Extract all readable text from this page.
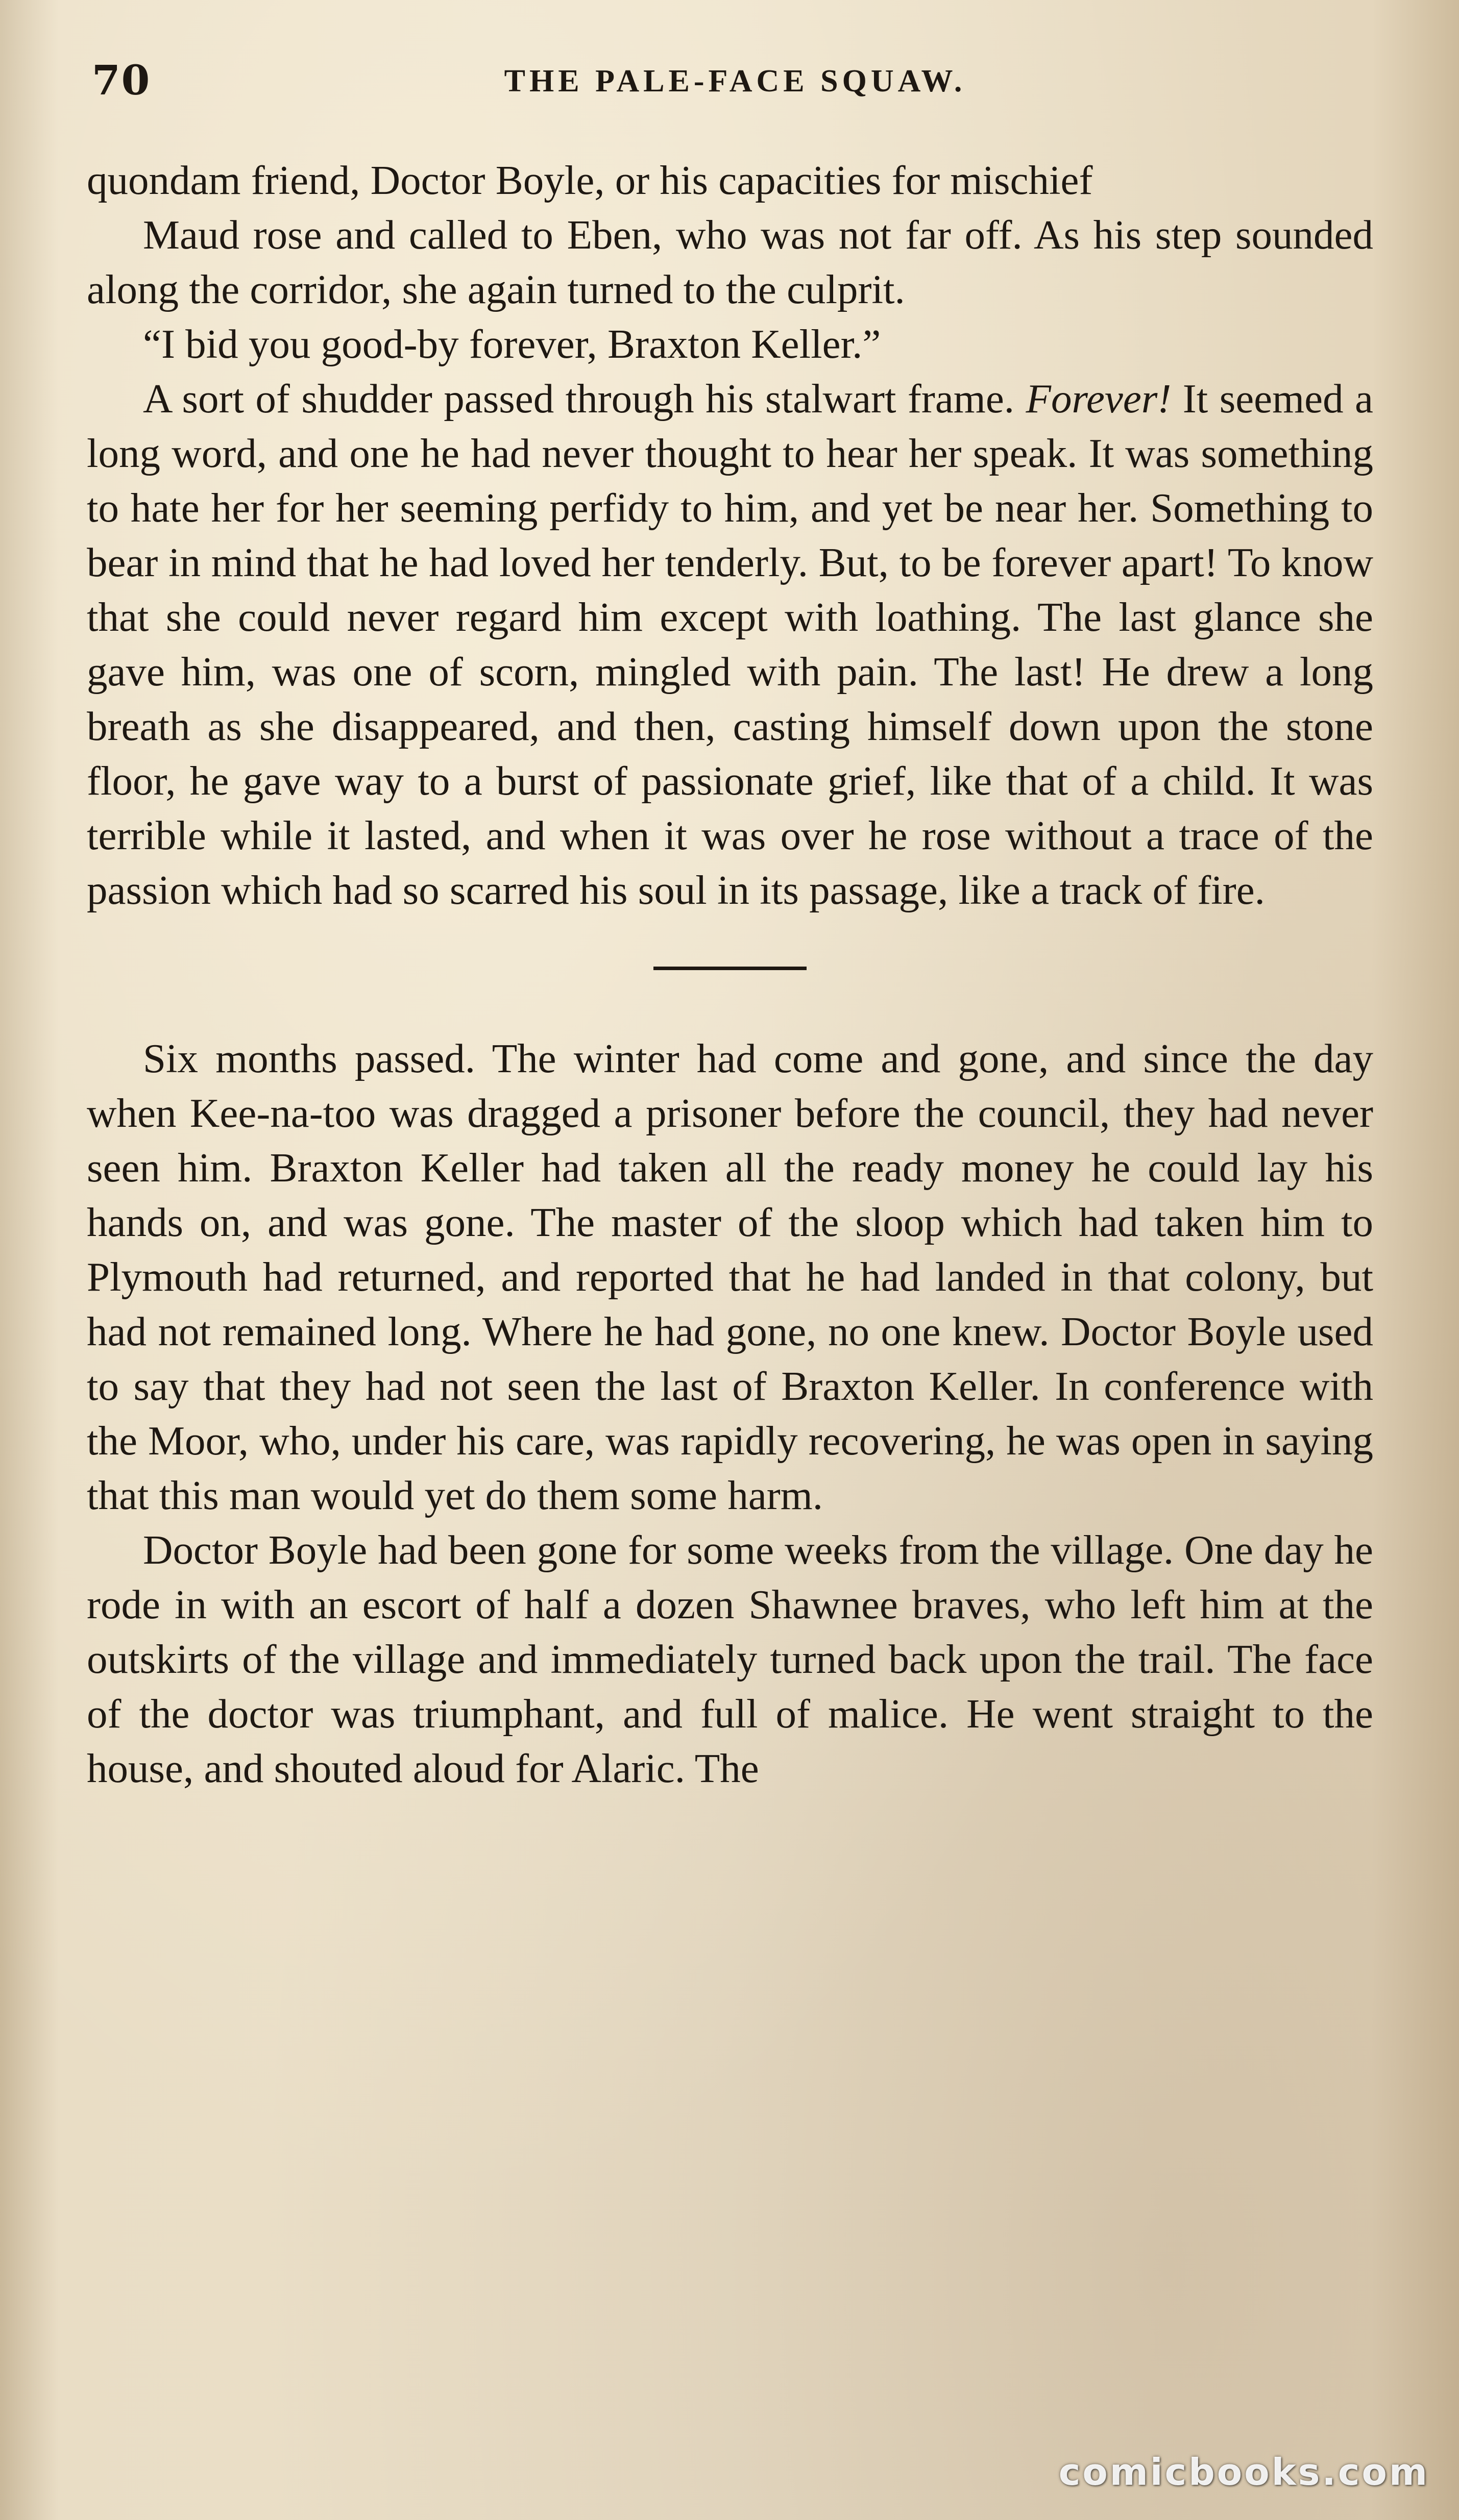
70	THE PALE-FACE SQUAW.

quondam friend, Doctor Boyle, or his capacities for mischief

Maud rose and called to Eben, who was not far off. As his step sounded along the corridor, she again turned to the culprit.

“I bid you good-by forever, Braxton Keller.”

A sort of shudder passed through his stalwart frame. Forever! It seemed a long word, and one he had never thought to hear her speak. It was something to hate her for her seeming perfidy to him, and yet be near her. Something to bear in mind that he had loved her tenderly. But, to be forever apart! To know that she could never regard him except with loathing. The last glance she gave him, was one of scorn, mingled with pain. The last! He drew a long breath as she disappeared, and then, casting himself down upon the stone floor, he gave way to a burst of passionate grief, like that of a child. It was terrible while it lasted, and when it was over he rose without a trace of the passion which had so scarred his soul in its passage, like a track of fire.

Six months passed. The winter had come and gone, and since the day when Kee-na-too was dragged a prisoner before the council, they had never seen him. Braxton Keller had taken all the ready money he could lay his hands on, and was gone. The master of the sloop which had taken him to Plymouth had returned, and reported that he had landed in that colony, but had not remained long. Where he had gone, no one knew. Doctor Boyle used to say that they had not seen the last of Braxton Keller. In conference with the Moor, who, under his care, was rapidly recovering, he was open in saying that this man would yet do them some harm.

Doctor Boyle had been gone for some weeks from the village. One day he rode in with an escort of half a dozen Shawnee braves, who left him at the outskirts of the village and immediately turned back upon the trail. The face of the doctor was triumphant, and full of malice. He went straight to the house, and shouted aloud for Alaric. The

comicbooks.com
